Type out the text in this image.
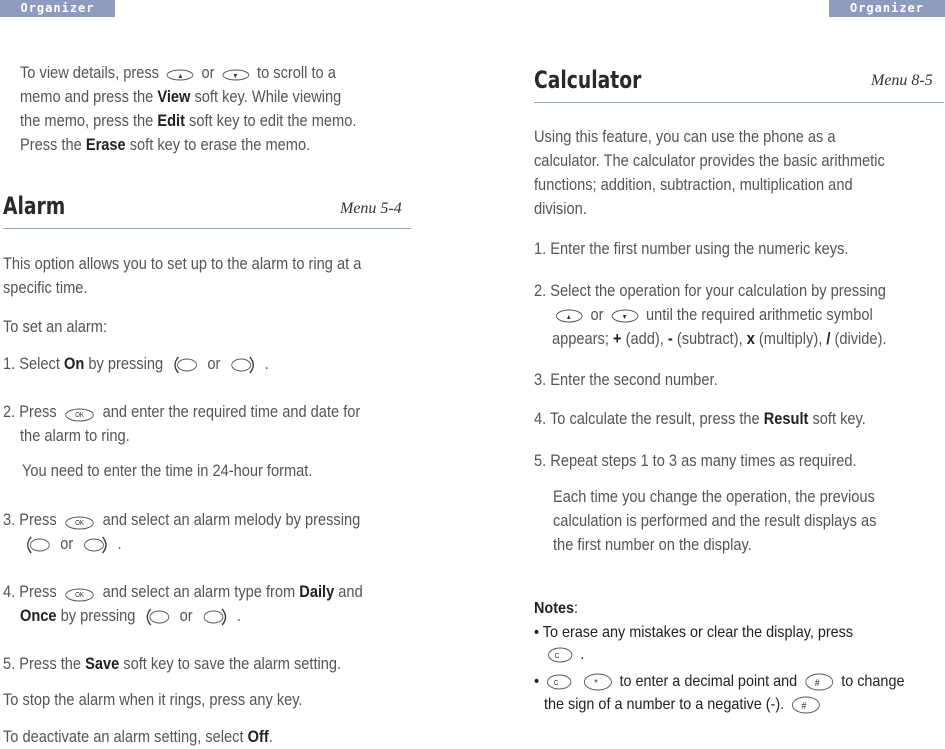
Organizer	Organizer
To view details, press	▲ or	▼ to scroll to a
memo and press the View soft key. While viewing
the memo, press the Edit soft key to edit the memo.
Press the Erase soft key to erase the memo.
Alarm	Menu 5-4
This option allows you to set up to the alarm to ring at a
specific time.
To set an alarm:
1. Select On by pressing	or	.
2. Press	OK and enter the required time and date for
the alarm to ring.
You need to enter the time in 24-hour format.
3. Press	OK and select an alarm melody by pressing
or	.
4. Press	OK and select an alarm type from Daily and
Once by pressing	or	.
5. Press the Save soft key to save the alarm setting.
To stop the alarm when it rings, press any key.
To deactivate an alarm setting, select Off.
Calculator	Menu 8-5
Using this feature, you can use the phone as a
calculator. The calculator provides the basic arithmetic
functions; addition, subtraction, multiplication and
division.
1. Enter the first number using the numeric keys.
2. Select the operation for your calculation by pressing
▲ or	▼ until the required arithmetic symbol
appears; + (add), - (subtract), x (multiply), / (divide).
3. Enter the second number.
4. To calculate the result, press the Result soft key.
5. Repeat steps 1 to 3 as many times as required.
Each time you change the operation, the previous
calculation is performed and the result displays as
the first number on the display.
Notes:
• To erase any mistakes or clear the display, press
C .
• C
	* to enter a decimal point and # to change
the sign of a number to a negative (-). #
